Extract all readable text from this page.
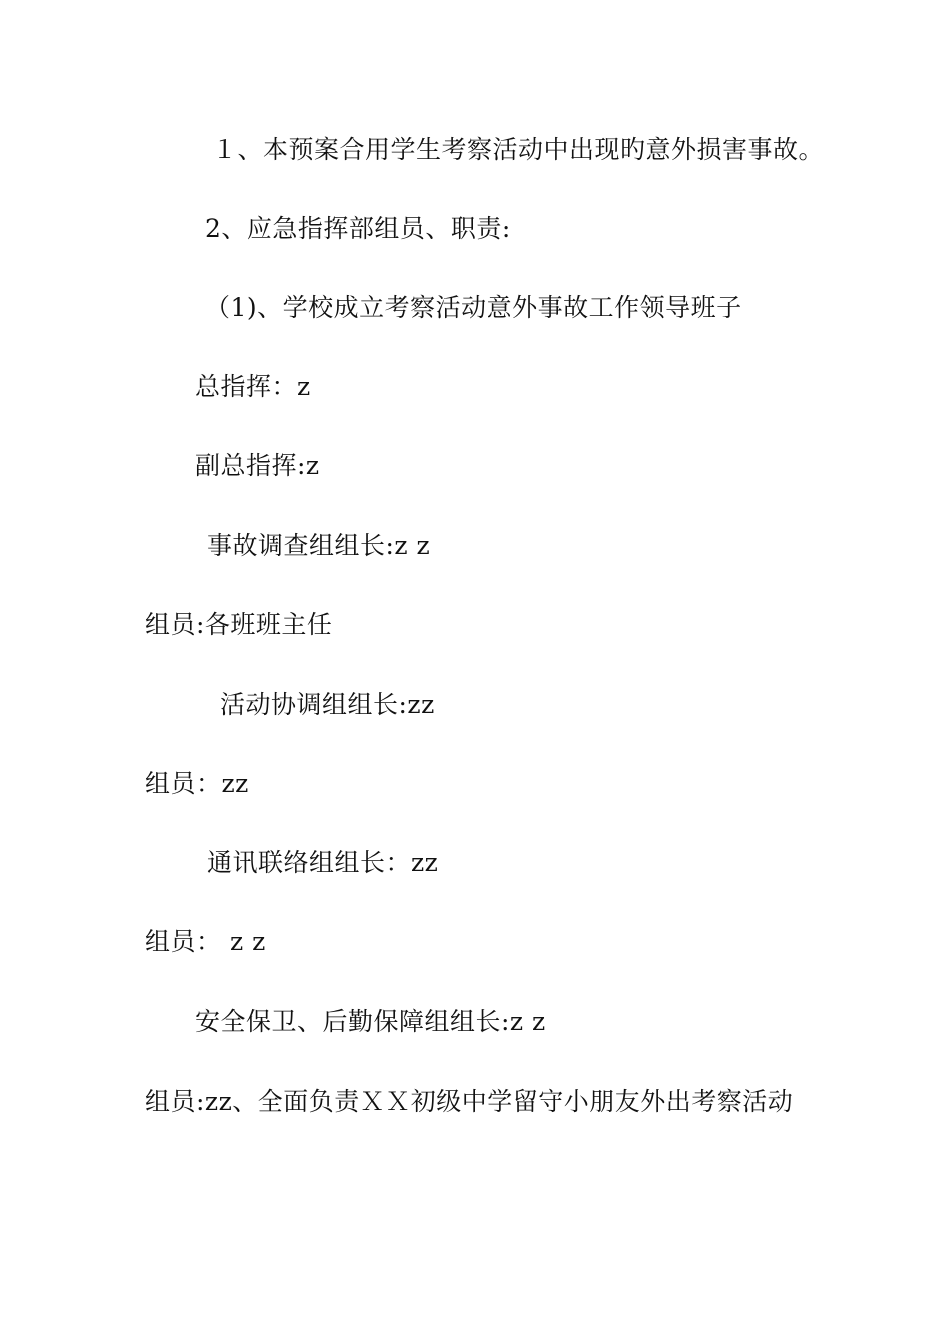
１、本预案合用学生考察活动中出现旳意外损害事故。
2、应急指挥部组员、职责:
（1)、学校成立考察活动意外事故工作领导班子
总指挥：z
副总指挥:z
事故调查组组长:z z
组员:各班班主任
活动协调组组长:zz
组员：zz
通讯联络组组长：zz
组员： z z
安全保卫、后勤保障组组长:z z
组员:zz、全面负责ＸＸ初级中学留守小朋友外出考察活动
